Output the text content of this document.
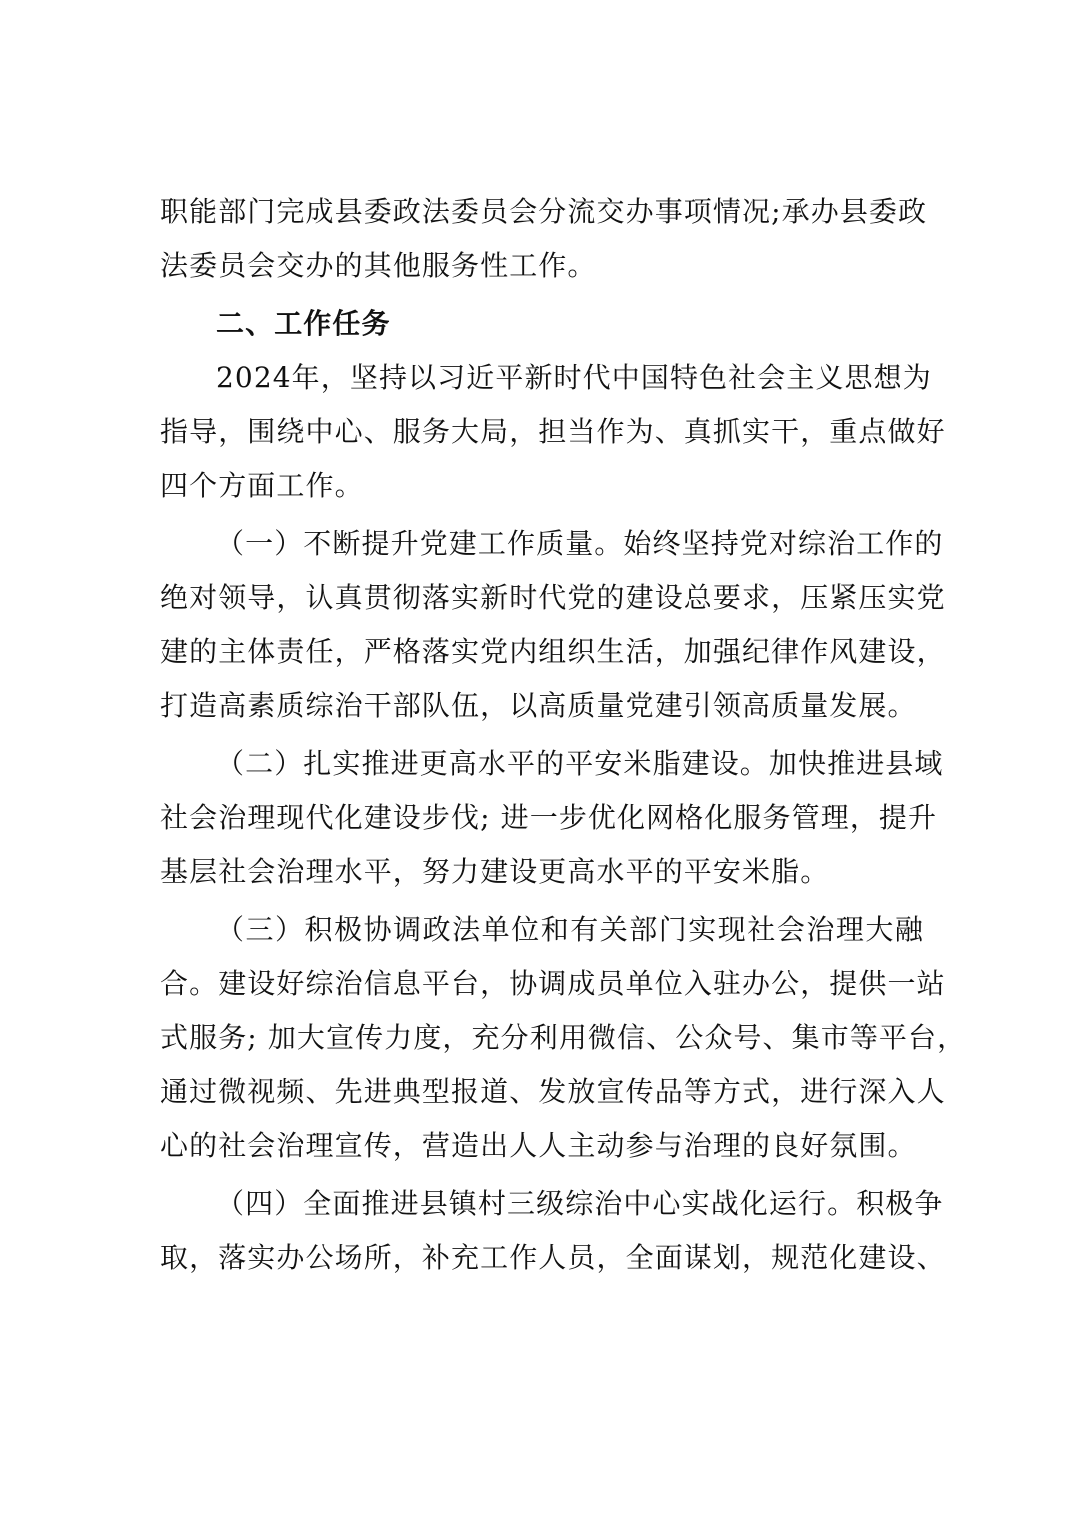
职能部门完成县委政法委员会分流交办事项情况;承办县委政
法委员会交办的其他服务性工作。
二、工作任务
2024年，坚持以习近平新时代中国特色社会主义思想为
指导，围绕中心、服务大局，担当作为、真抓实干，重点做好
四个方面工作。
（一）不断提升党建工作质量。始终坚持党对综治工作的
绝对领导，认真贯彻落实新时代党的建设总要求，压紧压实党
建的主体责任，严格落实党内组织生活，加强纪律作风建设，
打造高素质综治干部队伍，以高质量党建引领高质量发展。
（二）扎实推进更高水平的平安米脂建设。加快推进县域
社会治理现代化建设步伐; 进一步优化网格化服务管理，提升
基层社会治理水平，努力建设更高水平的平安米脂。
（三）积极协调政法单位和有关部门实现社会治理大融
合。建设好综治信息平台，协调成员单位入驻办公，提供一站
式服务; 加大宣传力度，充分利用微信、公众号、集市等平台，
通过微视频、先进典型报道、发放宣传品等方式，进行深入人
心的社会治理宣传，营造出人人主动参与治理的良好氛围。
（四）全面推进县镇村三级综治中心实战化运行。积极争
取，落实办公场所，补充工作人员，全面谋划，规范化建设、
